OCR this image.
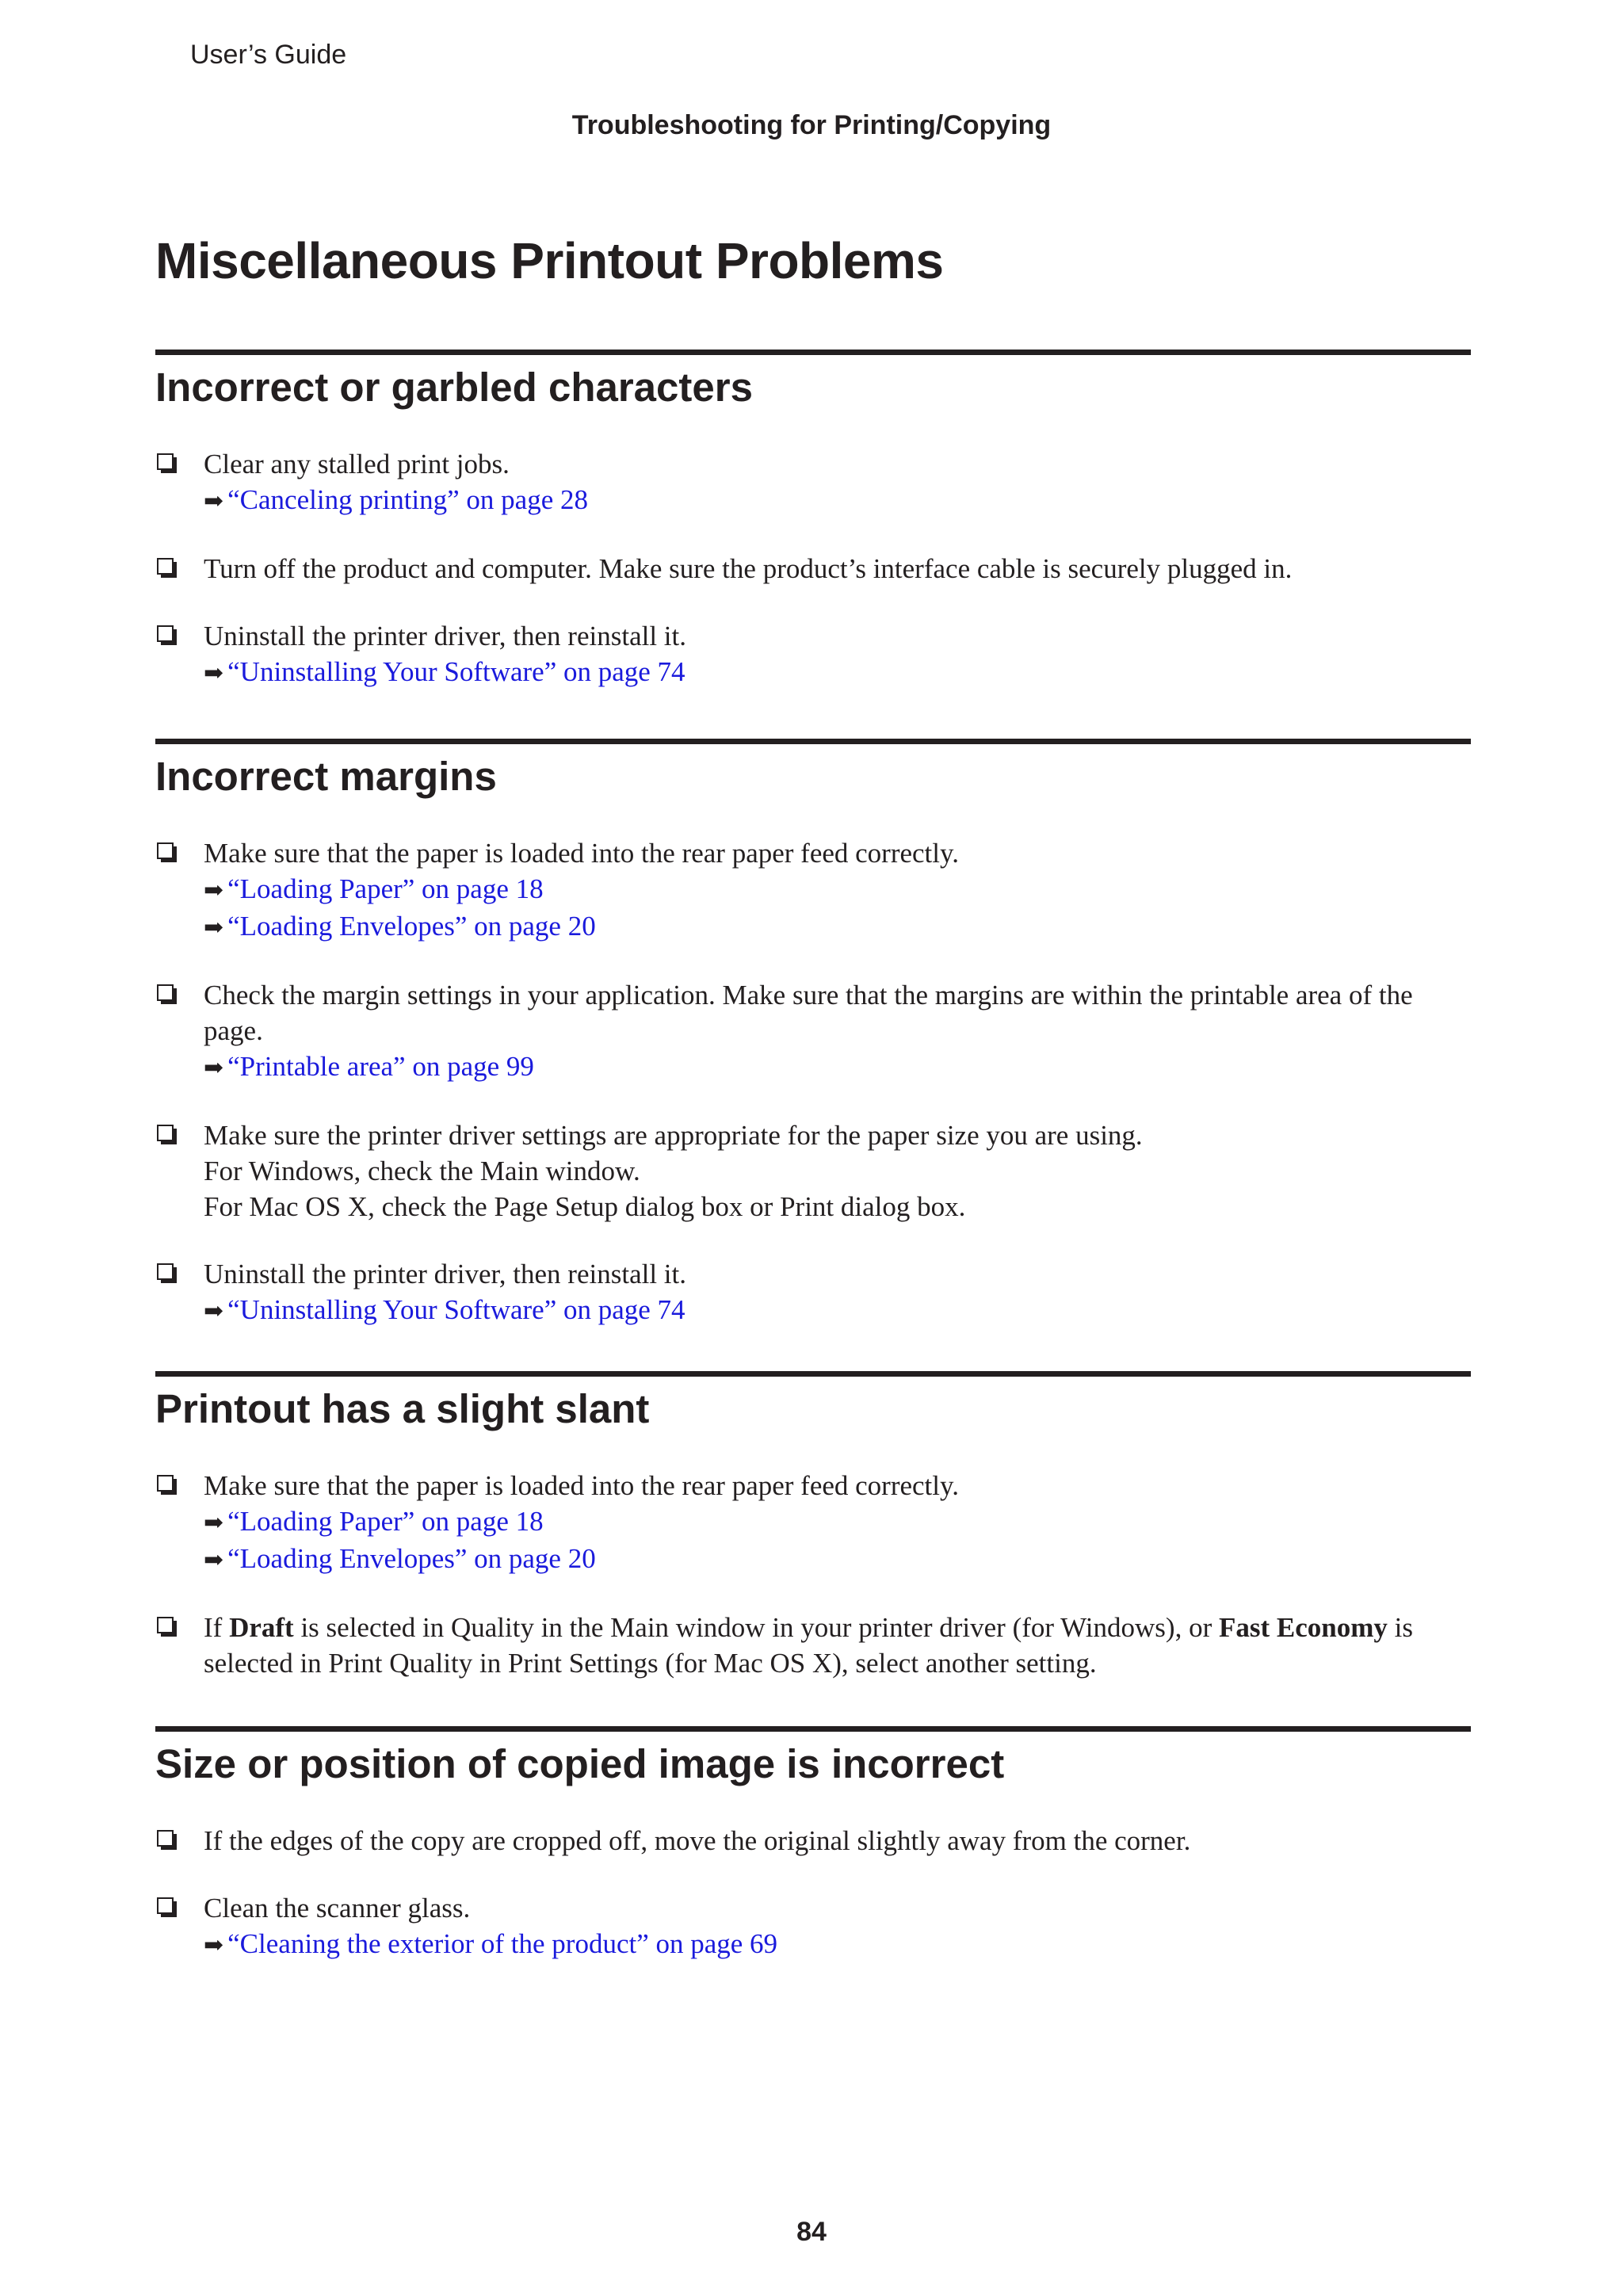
User’s Guide
Troubleshooting for Printing/Copying
Miscellaneous Printout Problems
Incorrect or garbled characters
Clear any stalled print jobs.
➡ “Canceling printing” on page 28
Turn off the product and computer. Make sure the product’s interface cable is securely plugged in.
Uninstall the printer driver, then reinstall it.
➡ “Uninstalling Your Software” on page 74
Incorrect margins
Make sure that the paper is loaded into the rear paper feed correctly.
➡ “Loading Paper” on page 18
➡ “Loading Envelopes” on page 20
Check the margin settings in your application. Make sure that the margins are within the printable area of the page.
➡ “Printable area” on page 99
Make sure the printer driver settings are appropriate for the paper size you are using.
For Windows, check the Main window.
For Mac OS X, check the Page Setup dialog box or Print dialog box.
Uninstall the printer driver, then reinstall it.
➡ “Uninstalling Your Software” on page 74
Printout has a slight slant
Make sure that the paper is loaded into the rear paper feed correctly.
➡ “Loading Paper” on page 18
➡ “Loading Envelopes” on page 20
If Draft is selected in Quality in the Main window in your printer driver (for Windows), or Fast Economy is selected in Print Quality in Print Settings (for Mac OS X), select another setting.
Size or position of copied image is incorrect
If the edges of the copy are cropped off, move the original slightly away from the corner.
Clean the scanner glass.
➡ “Cleaning the exterior of the product” on page 69
84
